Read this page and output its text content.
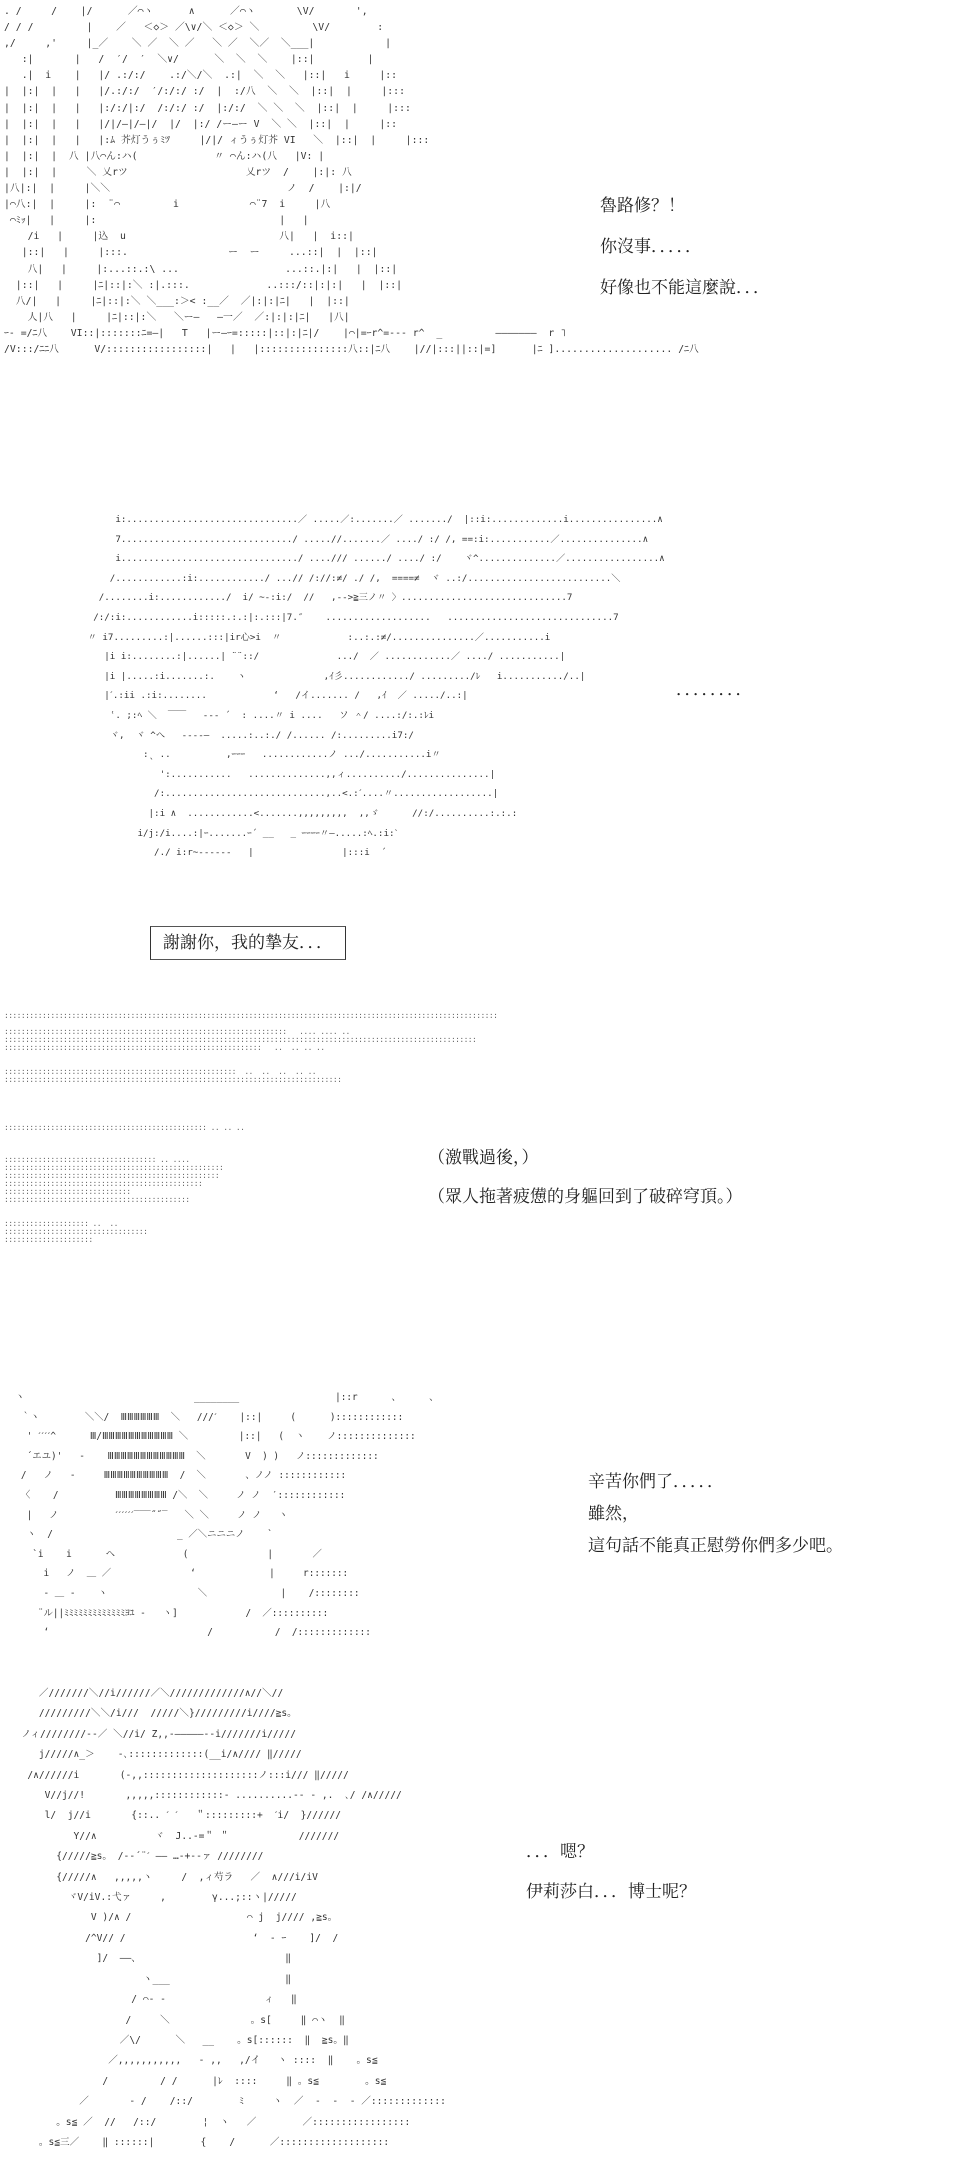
. /     /    |/      ／⌒ヽ      ∧      ／⌒ヽ       \V/       ',
/ / /         |    ／   ＜◇＞ ／\∨/＼ ＜◇＞ ＼         \V/        :
,/     ,'     |_／    ＼ ／  ＼ ／   ＼ ／  ＼／  ＼___|            |
:|       |   /  ′/  ′  ＼∨/      ＼  ＼  ＼    |::|         |
.|  i    |   |/ .:/:/    .:/＼/＼  .:|  ＼  ＼   |::|   i     |::
|  |:|  |   |   |/.:/:/  ′/:/:/ :/  |  :/八  ＼  ＼  |::|  |     |:::
|  |:|  |   |   |:/:/|:/  /:/:/ :/  |:/:/  ＼ ＼  ＼  |::|  |     |:::
|  |:|  |   |   |/|/—|/—|/  |/  |:/ /ー—ー V  ＼ ＼  |::|  |     |::
|  |:|  |   |   |:ﾑ 芥灯うぅﾐﾂ     |/|/ ィうぅ灯芥 VI   ＼  |::|  |     |:::
|  |:|  |  八 |八⌒ん:ハ(             〃 ⌒ん:ハ(八   |V: |
|  |:|  |     ＼ 乂rツ                    乂rツ  /    |:|: 八
|八|:|  |     |＼＼                              ノ  /    |:|/
|⌒八:|  |     |:  ¨⌒         i            ⌒¨7  i     |八
⌒ﾐｯ|   |     |:                               |   |
/i   |     |込  u                          八|   |  i::|
|::|   |     |:::.                 ー  ー     ...::|  |  |::|
八|   |     |:...::.:\ ...                  ...::.|:|   |  |::|
|::|   |     |ﾆ|::|:＼ :|.:::.             ..:::/::|:|:|   |  |::|
八/|   |     |ﾆ|::|:＼ ＼___:＞< :__／  ／|:|:|ﾆ|   |  |::|
人|八   |     |ﾆ|::|:＼   ＼ー—   —一／  ／:|:|:|ﾆ|   |八|
ｰ- =/ﾆ八    VI::|:::::::ﾆ=—|   T   |ー—ｰ=:::::|::|:|ﾆ|/    |⌒|=ｰr^=--- r^  _         ———————  r ˥
/V:::/ﾆﾆ八      V/:::::::::::::::::|   |   |:::::::::::::::八::|ﾆ八    |//|:::||::|=]      |ﾆ ].................... /ﾆ八
魯路修？！
你沒事．．．．．
好像也不能這麼說．．．
i:...............................／ .....／:.......／ ......./  |::i:.............i................∧
7.............................../ .....//.......／ ..../ :/ /, ==:i:...........／...............∧
i................................/ ..../// ....../ ..../ :/    ヾ^..............／.................∧
/............:i:............/ ...// /://:≠/ ./ /,  ====≠  ヾ ..:/..........................＼
/........i:............/  i/ ~-:i:/  //   ,-->≧三ノ〃 〉..............................7
/:/:i:............i:::::.:.:|:.:::|7.″    ...................   ..............................7
〃 i7.........:|......:::|ir心>i  〃            :..:.:≠/...............／...........i
|i i:........:|......| ¨¨::/              .../  ／ ............／ ..../ ...........|
|i |.....:i.......:.    ヽ              ,ｲ彡............/ ........./ﾚ   i.........../..|
|ˊ.:ii .:i:........            ‘   /イ....... /   ,ｲ  ／ ...../..:|
ʿ. ;:ﾍ ＼  ￣￣   -‐‐ ´  : ....〃 i ....   ソ ＾/ ....:/:.:ﾚi
ヾ,  ヾ ^へ   ‐‐‐‐—  .....:..:./ /...... /:.........i7:/
:ˎ ..          ,ｰｰｰ   ............ノ .../...........i〃
':...........   ..............,,ィ........../...............|
/:.............................,..<.:ˊ....〃..................|
|:i ∧  ............<.......,,,,,,,,,  ,,ゞ      //:/..........:.:.:
i/j:/i....:|ｰ.......ｰ´ __   _ ｰｰｰｰ〃—.....:ﾍ.:i:ˋ
/./ i:r~‐‐‐‐‐‐   |                |:::i  ´
．．．．．．．．
謝謝你，我的摯友．．．
:::::::::::::::::::::::::::::::::::::::::::::::::::::::::::::::::::::::::::::::::::::::::::::::::::::::::::::::::::::

:::::::::::::::::::::::::::::::::::::::::::::::::::::::::::::::::::   .... .... ..
::::::::::::::::::::::::::::::::::::::::::::::::::::::::::::::::::::::::::::::::::::::::::::::::::::::::::::::::
:::::::::::::::::::::::::::::::::::::::::::::::::::::::::::::   ..  .. .. ..

:::::::::::::::::::::::::::::::::::::::::::::::::::::::  ..  ..  ..  .. ..
::::::::::::::::::::::::::::::::::::::::::::::::::::::::::::::::::::::::::::::::

:::::::::::::::::::::::::::::::::::::::::::::::: .. .. ..

:::::::::::::::::::::::::::::::::::: .. ....
::::::::::::::::::::::::::::::::::::::::::::::::::::
:::::::::::::::::::::::::::::::::::::::::::::::::::
:::::::::::::::::::::::::::::::::::::::::::::::
::::::::::::::::::::::::::::::
::::::::::::::::::::::::::::::::::::::::::::

:::::::::::::::::::: ..  ..
::::::::::::::::::::::::::::::::::
:::::::::::::::::::::
（激戰過後，）
（眾人拖著疲憊的身軀回到了破碎穹頂。）
ヽ                              ________                 |::r      、     、
｀ヽ        ＼＼/  ⅢⅢⅢⅢⅢⅢ  ＼   ///ˊ    |::|     (      )::::::::::::
' ˊˊˊˊ^      Ⅲ/ⅢⅢⅢⅢⅢⅢⅢⅢⅢⅢⅢ ＼         |::|   (  ヽ    ノ::::::::::::::
´エユ)'   -    ⅢⅢⅢⅢⅢⅢⅢⅢⅢⅢⅢⅢ  ＼       V  ) )   ノ:::::::::::::
/   ノ   ‐     ⅢⅢⅢⅢⅢⅢⅢⅢⅢⅢ  /  ＼       、ノノ ::::::::::::
〈    /          ⅢⅢⅢⅢⅢⅢⅢⅢ /＼  ＼     ノ ノ  ′::::::::::::
|   ノ          ˊˊˊˊˊˊ‾‾‾˝˝‾   ＼ ＼     ノ ノ   ヽ
ヽ  /                      _ ／＼ニニニノ    `
`i    i      ヘ            (              |       ／
i   ノ  ＿ ／              ‘             |     r:::::::
‐ ＿ -    ヽ                ＼             |    /::::::::
¨ル||ﾐﾐﾐﾐﾐﾐﾐﾐﾐﾐﾐﾐﾐﾖﾕ -   ヽ]            /  ／::::::::::
‘                            /           /  /:::::::::::::
辛苦你們了．．．．．
雖然，
這句話不能真正慰勞你們多少吧。
／///////＼//i//////／＼/////////////∧//＼//
/////////＼＼/i///  /////＼}/////////i////≧s。
ノィ////////‐-／ ＼//i/ Z,,‐—————‐‐i///////i/////
j/////∧_＞    ‐､:::::::::::::(__i/∧//// ‖/////
/∧//////i       (‐,,::::::::::::::::::::ノ:::i/// ‖/////
V//j//!       ,,,,,::::::::::::‐ ..........‐‐ - ,.  ､/ /∧/////
l/  j//i       {::.. ˊ ˊ   ＂:::::::::+  ˊi/  }//////
Y//∧          ヾ  J..‐=＂ ＂            ///////
{/////≧s。 /‐‐´¨ˊ —— …‐+‐‐ァ ////////
{/////∧   ,,,,,ヽ     /  ,ィ芍ラ   ／  ∧///i/iV
ヾV/iV.:弋ァ     ,        γ...;::ヽ|/////
V )/∧ /                    ⌒ j  j//// ,≧s。
/^V// /                      ‘  ‐ ｰ    ]/  /
]/  ——、                         ‖
ヽ___                    ‖
/ ⌒‐ ‐                 ィ   ‖
/     ＼              。s[     ‖ ⌒ヽ  ‖
／\/      ＼   __    。s[::::::  ‖  ≧s。‖
／,,,,,,,,,,,   ‐ ,,   ,/イ   ヽ ::::  ‖    。s≦
/         / /      |ﾚ  ::::     ‖ 。s≦        。s≦
／       ‐ /    /::/        ﾐ     ヽ  ／  ‐  ‐  ‐ ／:::::::::::::
。s≦ ／  //   /::/        ¦  ヽ   ／        ／:::::::::::::::::
。s≦三／    ‖ ::::::|        {    /      ／:::::::::::::::::::
．．．嗯？
伊莉莎白．．．博士呢？
